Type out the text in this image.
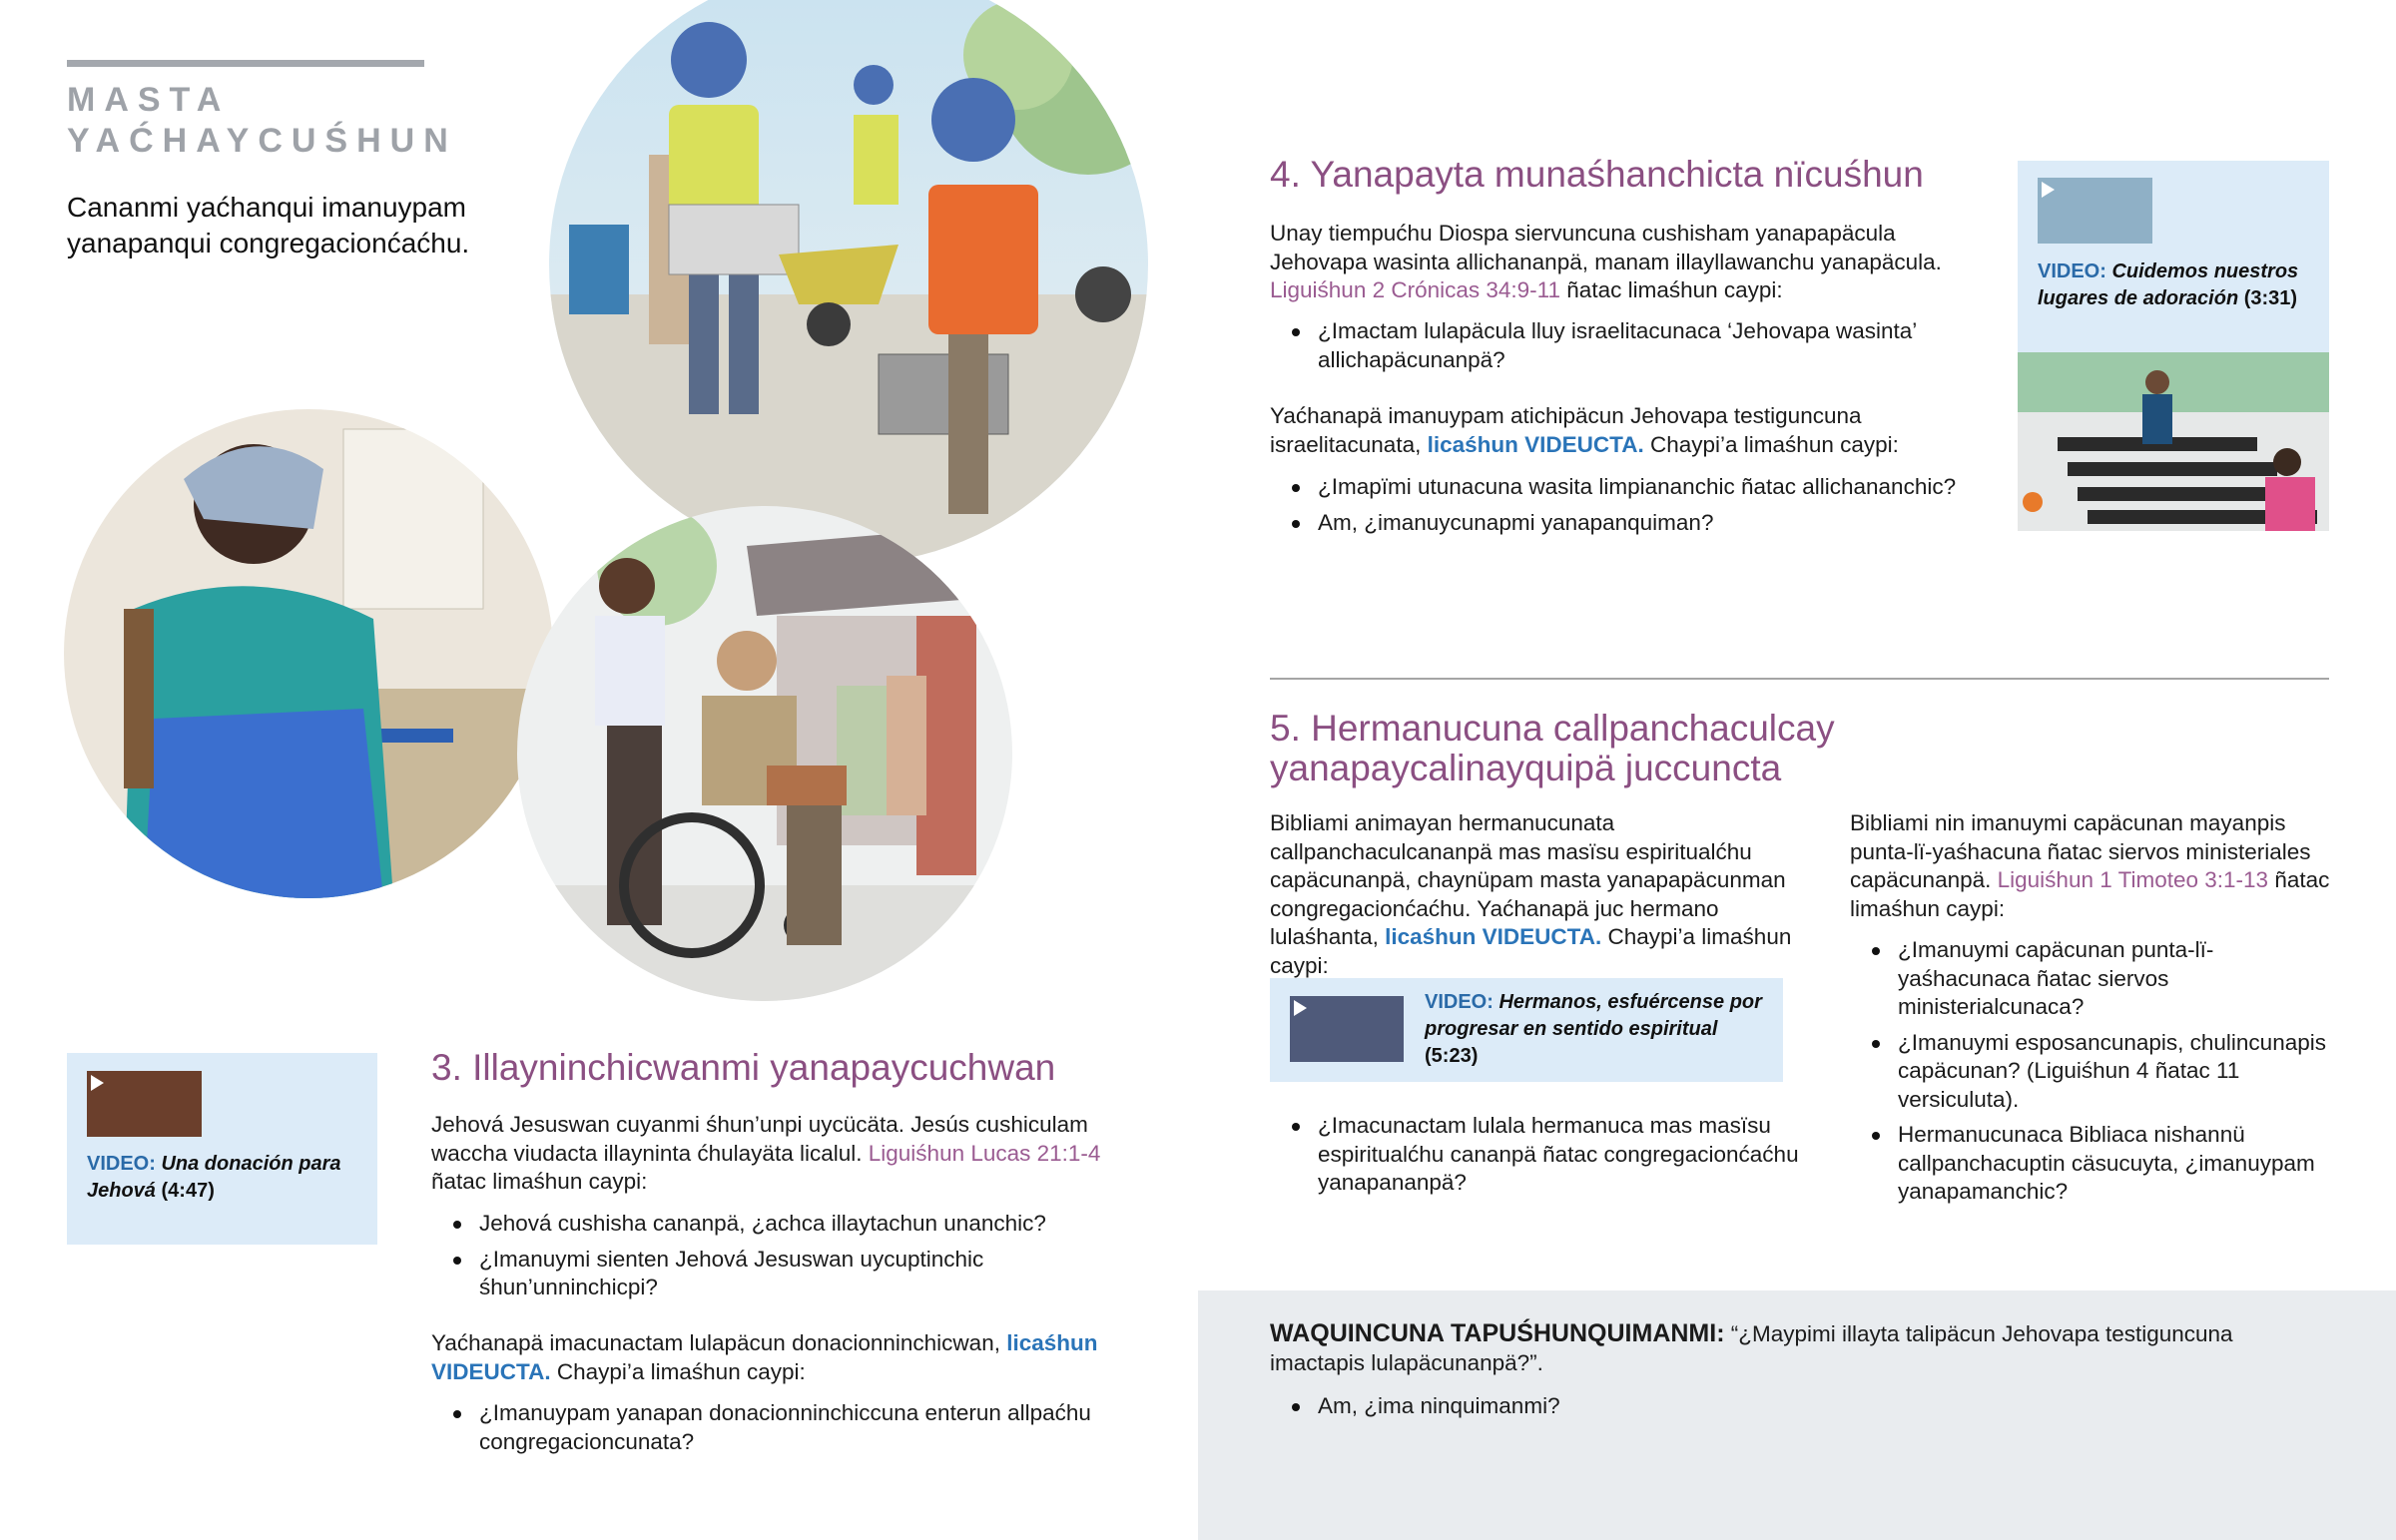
MASTA
YAĆHAYCUŚHUN
Cananmi yaćhanqui imanuypam yanapanqui congregacionćaćhu.
VIDEO: Una donación para Jehová (4:47)
3. Illayninchicwanmi yanapaycuchwan
Jehová Jesuswan cuyanmi śhun’unpi uycücäta. Jesús cushiculam waccha viudacta illayninta ćhulayäta licalul. Liguiśhun Lucas 21:1-4 ñatac limaśhun caypi:
Jehová cushisha cananpä, ¿achca illaytachun unanchic?
¿Imanuymi sienten Jehová Jesuswan uycuptinchic śhun’unninchicpi?
Yaćhanapä imacunactam lulapäcun donacionninchicwan, licaśhun VIDEUCTA. Chaypi’a limaśhun caypi:
¿Imanuypam yanapan donacionninchiccuna enterun allpaćhu congregacioncunata?
4. Yanapayta munaśhanchicta nïcuśhun
Unay tiempućhu Diospa siervuncuna cushisham yanapapäcula Jehovapa wasinta allichananpä, manam illayllawanchu yanapäcula. Liguiśhun 2 Crónicas 34:9-11 ñatac limaśhun caypi:
¿Imactam lulapäcula lluy israelitacunaca ‘Jehovapa wasinta’ allichapäcunanpä?
Yaćhanapä imanuypam atichipäcun Jehovapa testiguncuna israelitacunata, licaśhun VIDEUCTA. Chaypi’a limaśhun caypi:
¿Imapïmi utunacuna wasita limpiananchic ñatac allichananchic?
Am, ¿imanuycunapmi yanapanquiman?
VIDEO: Cuidemos nuestros lugares de adoración (3:31)
5. Hermanucuna callpanchaculcay
yanapaycalinayquipä juccuncta
Bibliami animayan hermanucunata callpanchaculcananpä mas masïsu espiritualćhu capäcunanpä, chaynüpam masta yanapapäcunman congregacionćaćhu. Yaćhanapä juc hermano lulaśhanta, licaśhun VIDEUCTA. Chaypi’a limaśhun caypi:
VIDEO: Hermanos, esfuércense por progresar en sentido espiritual (5:23)
¿Imacunactam lulala hermanuca mas masïsu espiritualćhu cananpä ñatac congregacionćaćhu yanapananpä?
Bibliami nin imanuymi capäcunan mayanpis punta-lï-yaśhacuna ñatac siervos ministeriales capäcunanpä. Liguiśhun 1 Timoteo 3:1-13 ñatac limaśhun caypi:
¿Imanuymi capäcunan punta-lï-yaśhacunaca ñatac siervos ministerialcunaca?
¿Imanuymi esposancunapis, chulincunapis capäcunan? (Liguiśhun 4 ñatac 11 versiculuta).
Hermanucunaca Bibliaca nishannü callpanchacuptin cäsucuyta, ¿imanuypam yanapamanchic?
WAQUINCUNA TAPUŚHUNQUIMANMI: “¿Maypimi illayta talipäcun Jehovapa testiguncuna imactapis lulapäcunanpä?”.
Am, ¿ima ninquimanmi?
